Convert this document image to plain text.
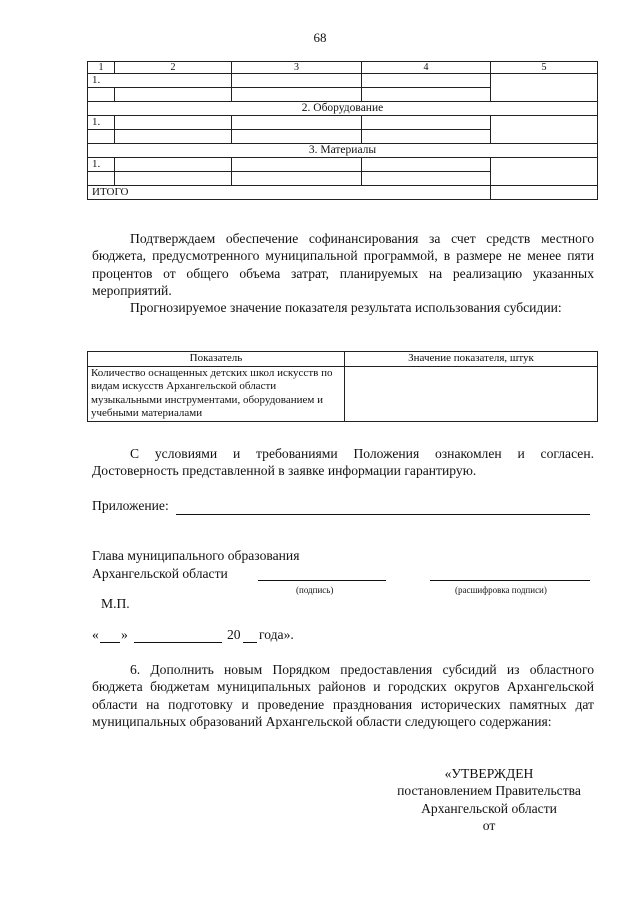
68
1	2	3	4	5
1.				

2. Оборудование				
1.				

3. Материалы				
1.				

ИТОГО				

Подтверждаем обеспечение софинансирования за счет средств местного бюджета, предусмотренного муниципальной программой, в размере не менее пяти процентов от общего объема затрат, планируемых на реализацию указанных мероприятий.

Прогнозируемое значение показателя результата использования субсидии:

Показатель	Значение показателя, штук
Количество оснащенных детских школ искусств по видам искусств Архангельской области музыкальными инструментами, оборудованием и учебными материалами	

С условиями и требованиями Положения ознакомлен и согласен. Достоверность представленной в заявке информации гарантирую.

Приложение:
Глава муниципального образования
Архангельской области
(подпись)	(расшифровка подписи)
М.П.
« »	20 года».

6. Дополнить новым Порядком предоставления субсидий из областного бюджета бюджетам муниципальных районов и городских округов Архангельской области на подготовку и проведение празднования исторических памятных дат муниципальных образований Архангельской области следующего содержания:

«УТВЕРЖДЕН
постановлением Правительства
Архангельской области
от
